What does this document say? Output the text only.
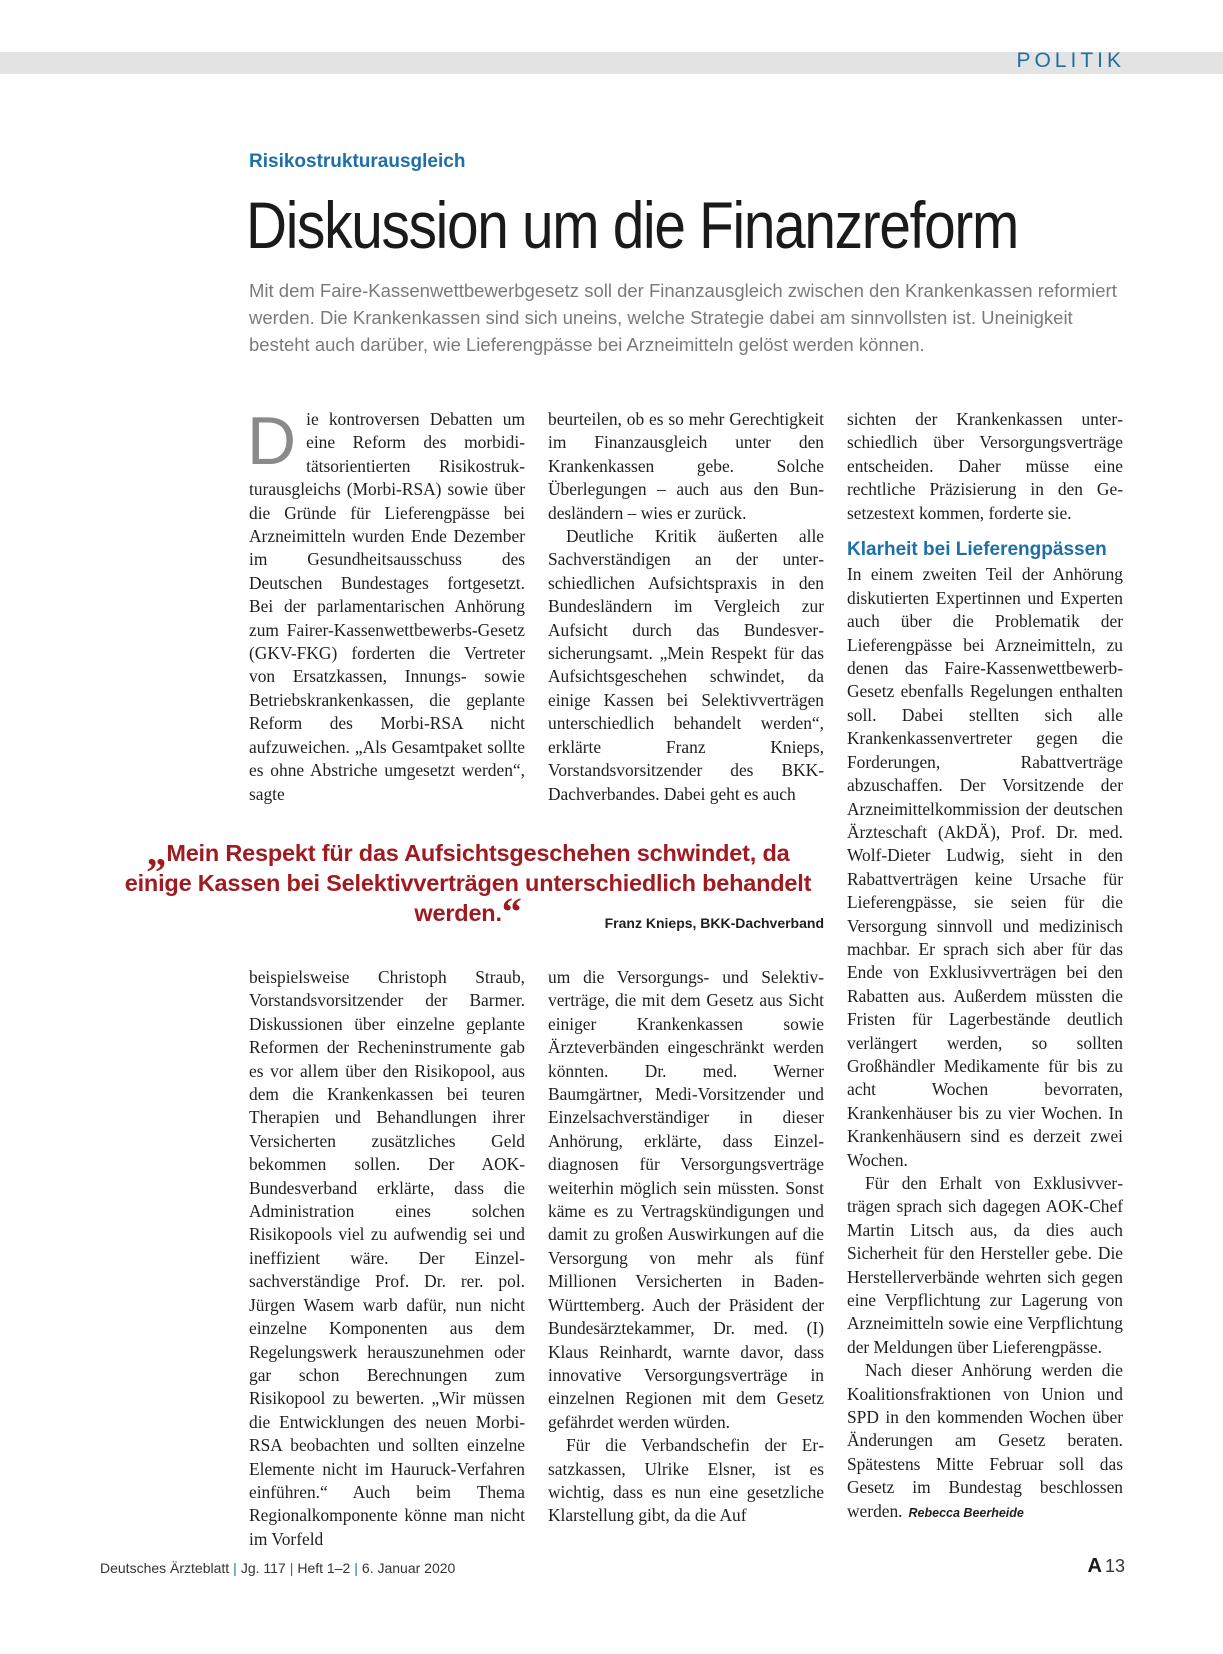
POLITIK
Risikostrukturausgleich
Diskussion um die Finanzreform
Mit dem Faire-Kassenwettbewerbgesetz soll der Finanzausgleich zwischen den Krankenkassen reformiert werden. Die Krankenkassen sind sich uneins, welche Strategie dabei am sinnvollsten ist. Uneinigkeit besteht auch darüber, wie Lieferengpässe bei Arzneimitteln gelöst werden können.
D ie kontroversen Debatten um eine Reform des morbiditätsorientierten Risikostrukturausgleichs (Morbi-RSA) sowie über die Gründe für Lieferengpässe bei Arzneimitteln wurden Ende Dezember im Gesundheitsausschuss des Deutschen Bundestages fortgesetzt. Bei der parlamentarischen Anhörung zum Fairer-Kassenwettbewerbs-Gesetz (GKV-FKG) forderten die Vertreter von Ersatzkassen, Innungs- sowie Betriebskrankenkassen, die geplante Reform des Morbi-RSA nicht aufzuweichen. „Als Gesamtpaket sollte es ohne Abstriche umgesetzt werden“, sagte

beurteilen, ob es so mehr Gerechtigkeit im Finanzausgleich unter den Krankenkassen gebe. Solche Überlegungen – auch aus den Bundesländern – wies er zurück.

Deutliche Kritik äußerten alle Sachverständigen an der unterschiedlichen Aufsichtspraxis in den Bundesländern im Vergleich zur Aufsicht durch das Bundesversicherungsamt. „Mein Respekt für das Aufsichtsgeschehen schwindet, da einige Kassen bei Selektivverträgen unterschiedlich behandelt werden“, erklärte Franz Knieps, Vorstandsvorsitzender des BKK-Dachverbandes. Dabei geht es auch

„Mein Respekt für das Aufsichtsgeschehen schwindet, da einige Kassen bei Selektivverträgen unterschiedlich behandelt werden.“	Franz Knieps, BKK-Dachverband

beispielsweise Christoph Straub, Vorstandsvorsitzender der Barmer. Diskussionen über einzelne geplante Reformen der Recheninstrumente gab es vor allem über den Risikopool, aus dem die Krankenkassen bei teuren Therapien und Behandlungen ihrer Versicherten zusätzliches Geld bekommen sollen. Der AOK-Bundesverband erklärte, dass die Administration eines solchen Risikopools viel zu aufwendig sei und ineffizient wäre. Der Einzelsachverständige Prof. Dr. rer. pol. Jürgen Wasem warb dafür, nun nicht einzelne Komponenten aus dem Regelungswerk herauszunehmen oder gar schon Berechnungen zum Risikopool zu bewerten. „Wir müssen die Entwicklungen des neuen Morbi-RSA beobachten und sollten einzelne Elemente nicht im Hauruck-Verfahren einführen.“ Auch beim Thema Regionalkomponente könne man nicht im Vorfeld

um die Versorgungs- und Selektivverträge, die mit dem Gesetz aus Sicht einiger Krankenkassen sowie Ärzteverbänden eingeschränkt werden könnten. Dr. med. Werner Baumgärtner, Medi-Vorsitzender und Einzelsachverständiger in dieser Anhörung, erklärte, dass Einzeldiagnosen für Versorgungsverträge weiterhin möglich sein müssten. Sonst käme es zu Vertragskündigungen und damit zu großen Auswirkungen auf die Versorgung von mehr als fünf Millionen Versicherten in Baden-Württemberg. Auch der Präsident der Bundesärztekammer, Dr. med. (I) Klaus Reinhardt, warnte davor, dass innovative Versorgungsverträge in einzelnen Regionen mit dem Gesetz gefährdet werden würden.

Für die Verbandschefin der Ersatzkassen, Ulrike Elsner, ist es wichtig, dass es nun eine gesetzliche Klarstellung gibt, da die Auf

sichten der Krankenkassen unterschiedlich über Versorgungsverträge entscheiden. Daher müsse eine rechtliche Präzisierung in den Gesetzestext kommen, forderte sie.

Klarheit bei Lieferengpässen

In einem zweiten Teil der Anhörung diskutierten Expertinnen und Experten auch über die Problematik der Lieferengpässe bei Arzneimitteln, zu denen das Faire-Kassenwettbewerb-Gesetz ebenfalls Regelungen enthalten soll. Dabei stellten sich alle Krankenkassenvertreter gegen die Forderungen, Rabattverträge abzuschaffen. Der Vorsitzende der Arzneimittelkommission der deutschen Ärzteschaft (AkDÄ), Prof. Dr. med. Wolf-Dieter Ludwig, sieht in den Rabattverträgen keine Ursache für Lieferengpässe, sie seien für die Versorgung sinnvoll und medizinisch machbar. Er sprach sich aber für das Ende von Exklusivverträgen bei den Rabatten aus. Außerdem müssten die Fristen für Lagerbestände deutlich verlängert werden, so sollten Großhändler Medikamente für bis zu acht Wochen bevorraten, Krankenhäuser bis zu vier Wochen. In Krankenhäusern sind es derzeit zwei Wochen.

Für den Erhalt von Exklusivverträgen sprach sich dagegen AOK-Chef Martin Litsch aus, da dies auch Sicherheit für den Hersteller gebe. Die Herstellerverbände wehrten sich gegen eine Verpflichtung zur Lagerung von Arzneimitteln sowie eine Verpflichtung der Meldungen über Lieferengpässe.

Nach dieser Anhörung werden die Koalitionsfraktionen von Union und SPD in den kommenden Wochen über Änderungen am Gesetz beraten. Spätestens Mitte Februar soll das Gesetz im Bundestag beschlossen werden. Rebecca Beerheide

Deutsches Ärzteblatt | Jg. 117 | Heft 1–2 | 6. Januar 2020	A 13
